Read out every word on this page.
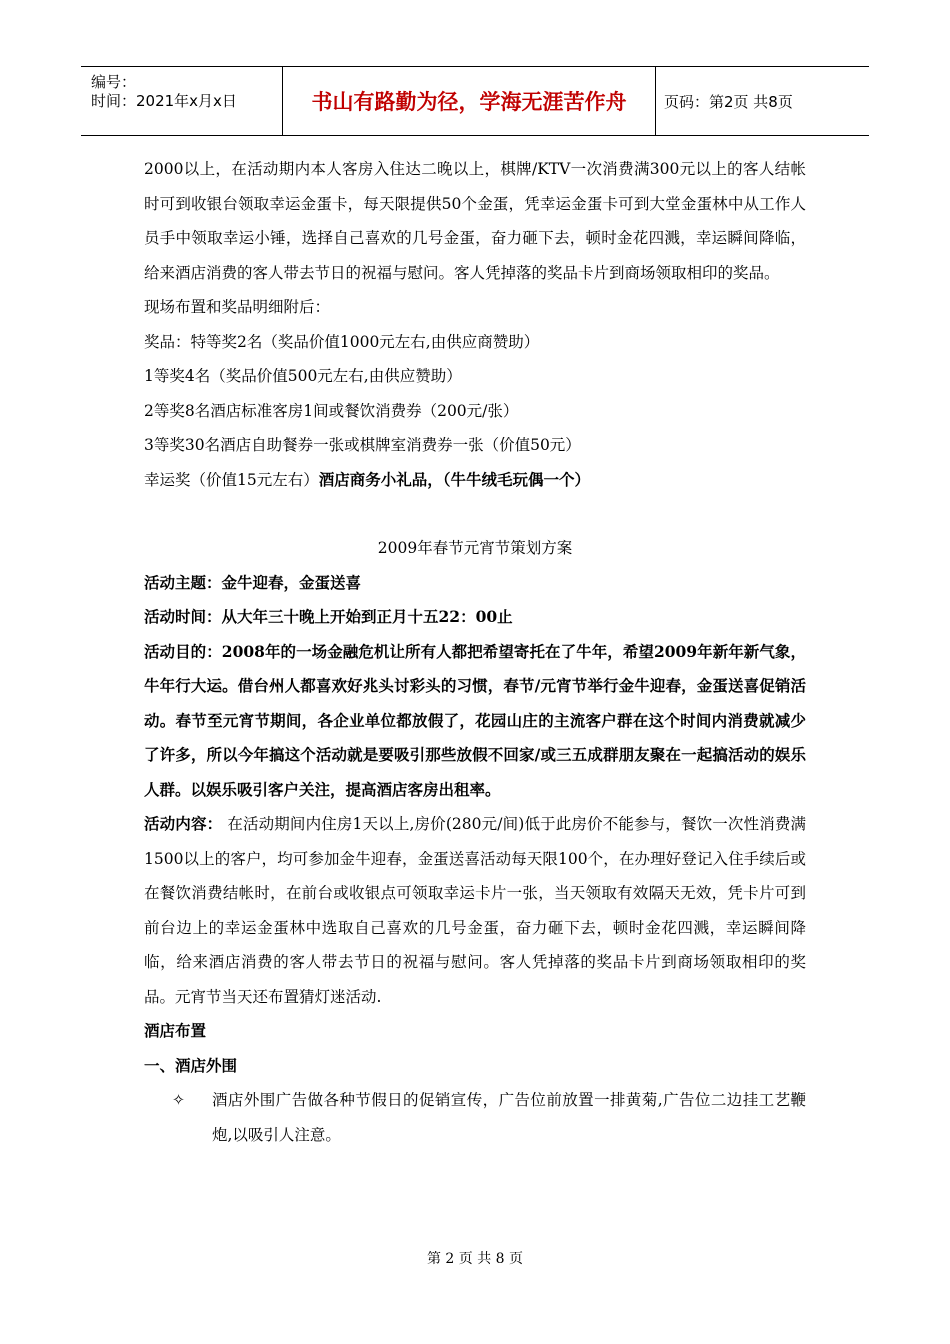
编号：
时间：2021年x月x日	书山有路勤为径，学海无涯苦作舟	页码：第2页 共8页

2000以上，在活动期内本人客房入住达二晚以上，棋牌/KTV一次消费满300元以上的客人结帐时可到收银台领取幸运金蛋卡，每天限提供50个金蛋，凭幸运金蛋卡可到大堂金蛋林中从工作人员手中领取幸运小锤，选择自己喜欢的几号金蛋，奋力砸下去，顿时金花四溅，幸运瞬间降临，给来酒店消费的客人带去节日的祝福与慰问。客人凭掉落的奖品卡片到商场领取相印的奖品。

现场布置和奖品明细附后：

奖品：特等奖2名（奖品价值1000元左右,由供应商赞助）

1等奖4名（奖品价值500元左右,由供应赞助）

2等奖8名酒店标准客房1间或餐饮消费券（200元/张）

3等奖30名酒店自助餐券一张或棋牌室消费券一张（价值50元）

幸运奖（价值15元左右）酒店商务小礼品，（牛牛绒毛玩偶一个）

2009年春节元宵节策划方案

活动主题：金牛迎春，金蛋送喜

活动时间：从大年三十晚上开始到正月十五22：00止

活动目的：2008年的一场金融危机让所有人都把希望寄托在了牛年，希望2009年新年新气象，牛年行大运。借台州人都喜欢好兆头讨彩头的习惯，春节/元宵节举行金牛迎春，金蛋送喜促销活动。春节至元宵节期间，各企业单位都放假了，花园山庄的主流客户群在这个时间内消费就减少了许多，所以今年搞这个活动就是要吸引那些放假不回家/或三五成群朋友聚在一起搞活动的娱乐人群。以娱乐吸引客户关注，提高酒店客房出租率。

活动内容： 在活动期间内住房1天以上,房价(280元/间)低于此房价不能参与，餐饮一次性消费满1500以上的客户，均可参加金牛迎春，金蛋送喜活动每天限100个，在办理好登记入住手续后或在餐饮消费结帐时，在前台或收银点可领取幸运卡片一张，当天领取有效隔天无效，凭卡片可到前台边上的幸运金蛋林中选取自己喜欢的几号金蛋，奋力砸下去，顿时金花四溅，幸运瞬间降临，给来酒店消费的客人带去节日的祝福与慰问。客人凭掉落的奖品卡片到商场领取相印的奖品。元宵节当天还布置猜灯迷活动.

酒店布置

一、酒店外围

✧	酒店外围广告做各种节假日的促销宣传，广告位前放置一排黄菊,广告位二边挂工艺鞭炮,以吸引人注意。

第 2 页 共 8 页
